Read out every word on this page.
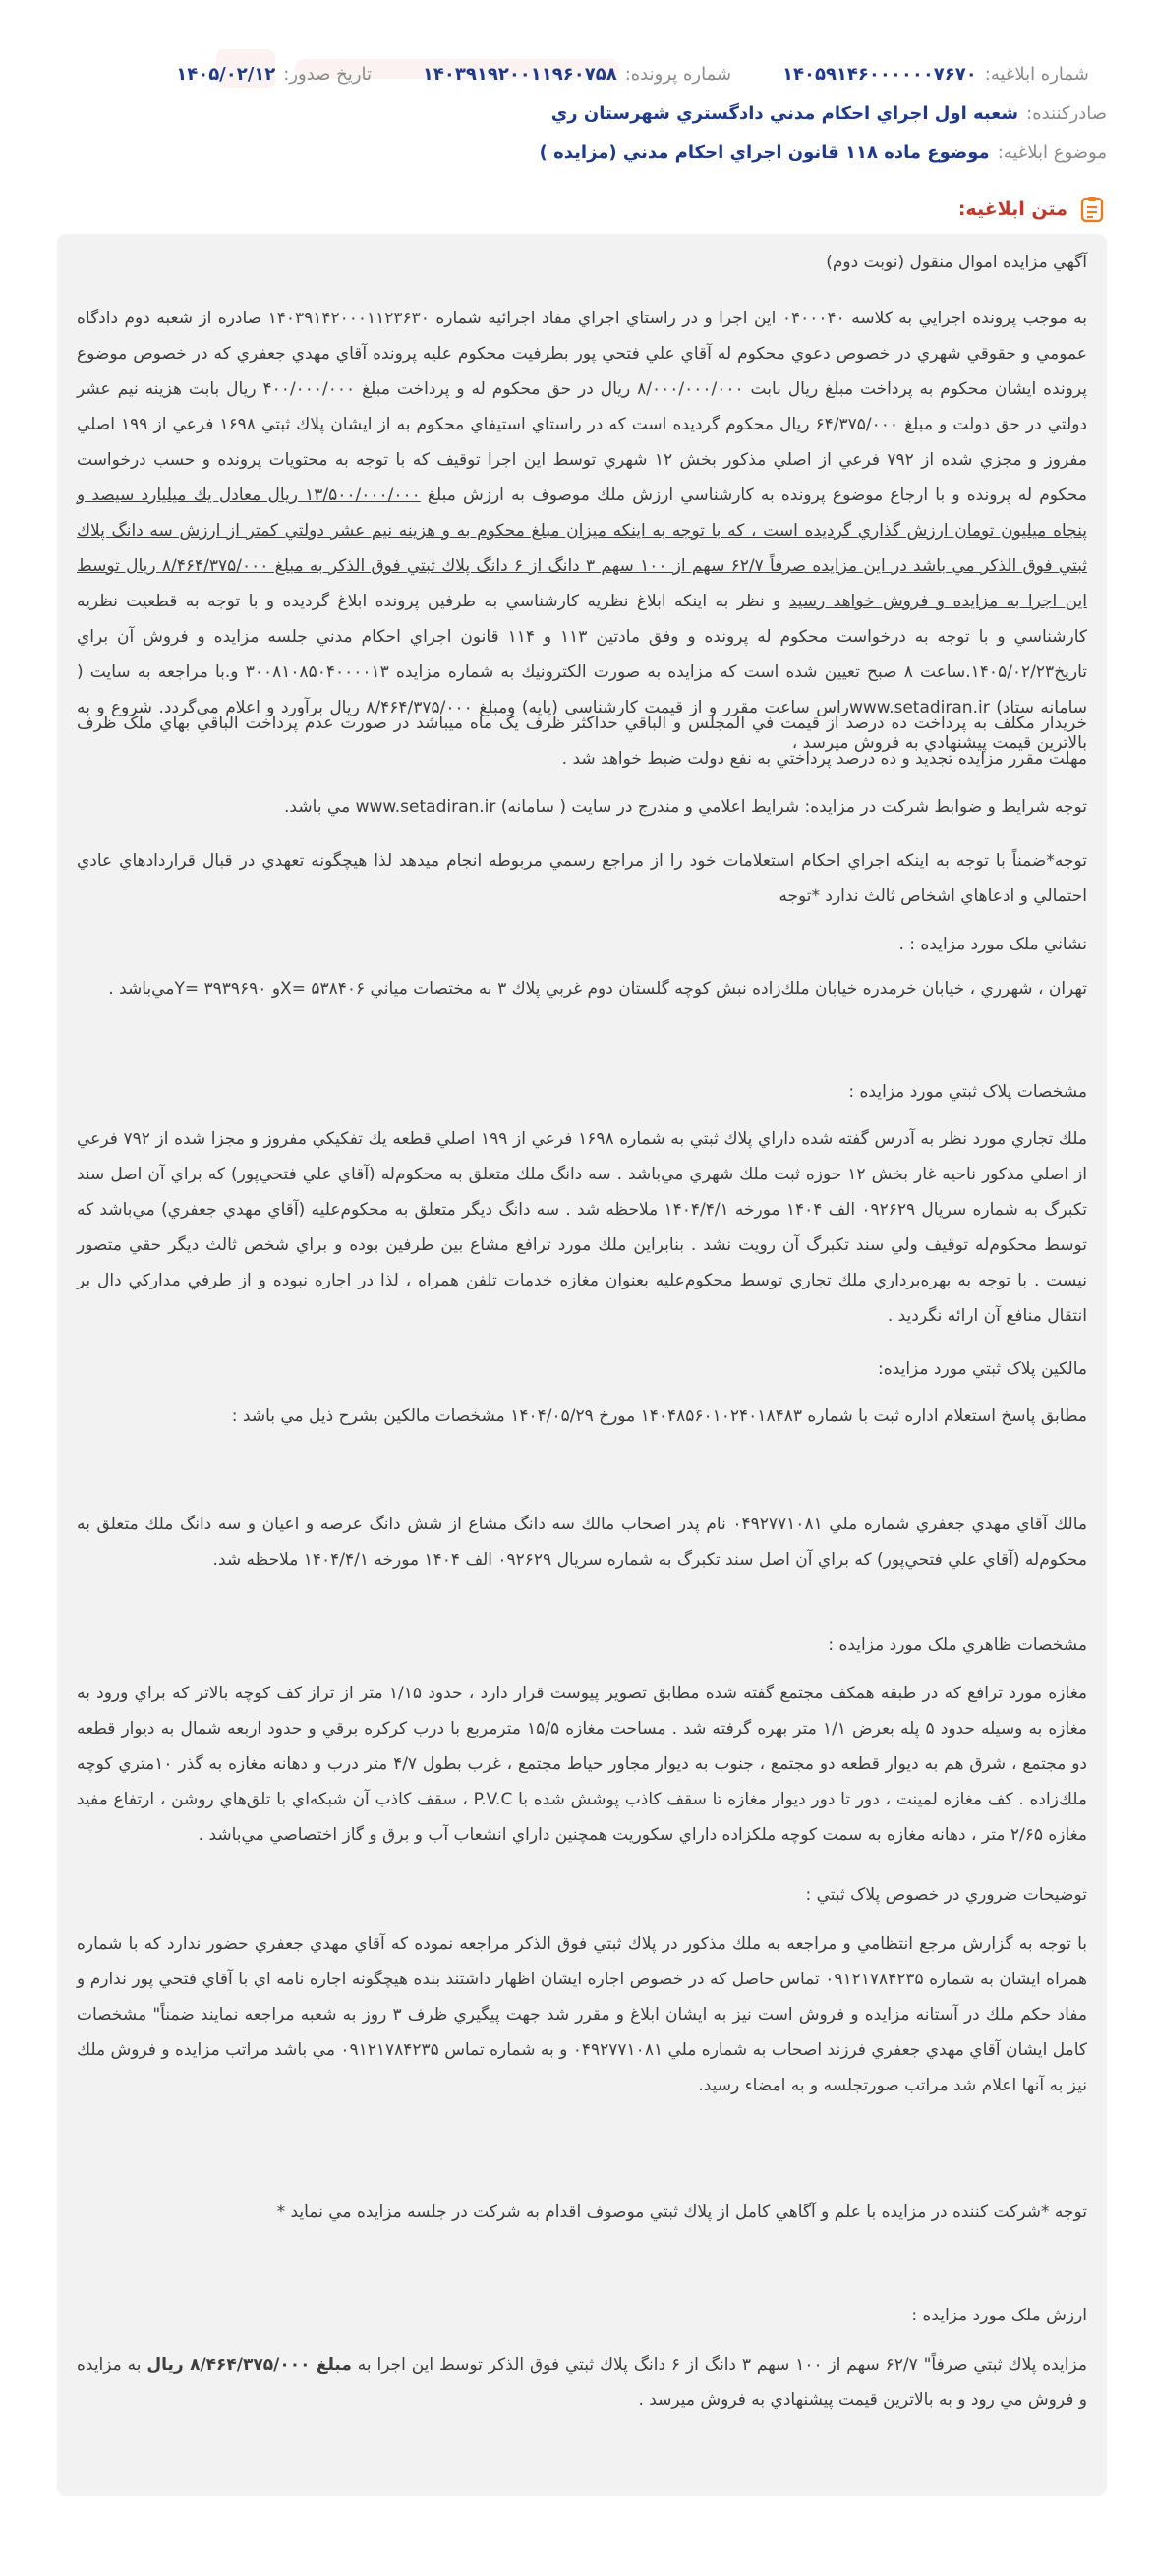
شماره ابلاغيه:
۱۴۰۵۹۱۴۶۰۰۰۰۰۰۷۶۷۰
شماره پرونده:
۱۴۰۳۹۱۹۲۰۰۱۱۹۶۰۷۵۸
تاريخ صدور:
۱۴۰۵/۰۲/۱۲
صادركننده:
شعبه اول اجراي احكام مدني دادگستري شهرستان ري
موضوع ابلاغيه:
موضوع ماده ۱۱۸ قانون اجراي احكام مدني (مزايده )
متن ابلاغيه:

آگهي مزايده اموال منقول (نوبت دوم)

به موجب پرونده اجرايي به كلاسه ۰۴۰۰۰۴۰ اين اجرا و در راستاي اجراي مفاد اجرائيه شماره ۱۴۰۳۹۱۴۲۰۰۰۱۱۲۳۶۳۰ صادره از شعبه دوم دادگاه عمومي و حقوقي شهري در خصوص دعوي محكوم له آقاي علي فتحي پور بطرفيت محكوم عليه پرونده آقاي مهدي جعفري كه در خصوص موضوع پرونده ايشان محكوم به پرداخت مبلغ ريال بابت ۸/۰۰۰/۰۰۰/۰۰۰ ريال در حق محكوم له و پرداخت مبلغ ۴۰۰/۰۰۰/۰۰۰ ريال بابت هزينه نيم عشر دولتي در حق دولت و مبلغ ۶۴/۳۷۵/۰۰۰ ريال محكوم گرديده است كه در راستاي استيفاي محكوم به از ايشان پلاك ثبتي ۱۶۹۸ فرعي از ۱۹۹ اصلي مفروز و مجزي شده از ۷۹۲ فرعي از اصلي مذكور بخش ۱۲ شهري توسط اين اجرا توقيف كه با توجه به محتويات پرونده و حسب درخواست محكوم له پرونده و با ارجاع موضوع پرونده به كارشناسي ارزش ملك موصوف به ارزش مبلغ ۱۳/۵۰۰/۰۰۰/۰۰۰ ريال معادل يك ميليارد سيصد و پنجاه ميليون تومان ارزش گذاري گرديده است ، كه با توجه به اينكه ميزان مبلغ محكوم به و هزينه نيم عشر دولتي كمتر از ارزش سه دانگ پلاك ثبتي فوق الذكر مي باشد در اين مزايده صرفاً ۶۲/۷ سهم از ۱۰۰ سهم ۳ دانگ از ۶ دانگ پلاك ثبتي فوق الذكر به مبلغ ۸/۴۶۴/۳۷۵/۰۰۰ ريال توسط اين اجرا به مزايده و فروش خواهد رسيد و نظر به اينكه ابلاغ نظريه كارشناسي به طرفين پرونده ابلاغ گرديده و با توجه به قطعيت نظريه كارشناسي و با توجه به درخواست محكوم له پرونده و وفق مادتين ۱۱۳ و ۱۱۴ قانون اجراي احكام مدني جلسه مزايده و فروش آن براي تاريخ۱۴۰۵/۰۲/۲۳.ساعت ۸ صبح تعيين شده است كه مزايده به صورت الكترونيك به شماره مزايده ۳۰۰۸۱۰۸۵۰۴۰۰۰۰۱۳ و.با مراجعه به سايت ( سامانه ستاد) www.setadiran.irراس ساعت مقرر و از قيمت كارشناسي (پايه) ومبلغ ۸/۴۶۴/۳۷۵/۰۰۰ ريال برآورد و اعلام مي‌گردد. شروع و به بالاترين قيمت پيشنهادي به فروش ميرسد ،

خريدار مكلف به پرداخت ده درصد از قيمت في المجلس و الباقي حداكثر ظرف يک ماه ميباشد در صورت عدم پرداخت الباقي بهاي ملک ظرف مهلت مقرر مزايده تجديد و ده درصد پرداختي به نفع دولت ضبط خواهد شد .

توجه شرايط و ضوابط شركت در مزايده: شرايط اعلامي و مندرج در سايت ( سامانه) www.setadiran.ir مي باشد.

توجه*ضمناً با توجه به اينكه اجراي احكام استعلامات خود را از مراجع رسمي مربوطه انجام ميدهد لذا هيچگونه تعهدي در قبال قراردادهاي عادي احتمالي و ادعاهاي اشخاص ثالث ندارد *توجه

نشاني ملک مورد مزايده : .

تهران ، شهرري ، خيابان خرمدره خيابان ملك‌زاده نبش كوچه گلستان دوم غربي پلاك ۳ به مختصات مياني ۵۳۸۴۰۶ =Xو ۳۹۳۹۶۹۰ =Yمي‌باشد .

مشخصات پلاک ثبتي مورد مزايده :

ملك تجاري مورد نظر به آدرس گفته شده داراي پلاك ثبتي به شماره ۱۶۹۸ فرعي از ۱۹۹ اصلي قطعه يك تفكيكي مفروز و مجزا شده از ۷۹۲ فرعي از اصلي مذكور ناحيه غار بخش ۱۲ حوزه ثبت ملك شهري مي‌باشد . سه دانگ ملك متعلق به محكوم‌له (آقاي علي فتحي‌پور) كه براي آن اصل سند تكبرگ به شماره سريال ۰۹۲۶۲۹ الف ۱۴۰۴ مورخه ۱۴۰۴/۴/۱ ملاحظه شد . سه دانگ ديگر متعلق به محكوم‌عليه (آقاي مهدي جعفري) مي‌باشد كه توسط محكوم‌له توقيف ولي سند تكبرگ آن رويت نشد . بنابراين ملك مورد ترافع مشاع بين طرفين بوده و براي شخص ثالث ديگر حقي متصور نيست . با توجه به بهره‌برداري ملك تجاري توسط محكوم‌عليه بعنوان مغازه خدمات تلفن همراه ، لذا در اجاره نبوده و از طرفي مداركي دال بر انتقال منافع آن ارائه نگرديد .

مالكين پلاک ثبتي مورد مزايده:

مطابق پاسخ استعلام اداره ثبت با شماره ۱۴۰۴۸۵۶۰۱۰۲۴۰۱۸۴۸۳ مورخ ۱۴۰۴/۰۵/۲۹ مشخصات مالكين بشرح ذيل مي باشد :

مالك آقاي مهدي جعفري شماره ملي ۰۴۹۲۷۷۱۰۸۱ نام پدر اصحاب مالك سه دانگ مشاع از شش دانگ عرصه و اعيان و سه دانگ ملك متعلق به محكوم‌له (آقاي علي فتحي‌پور) كه براي آن اصل سند تكبرگ به شماره سريال ۰۹۲۶۲۹ الف ۱۴۰۴ مورخه ۱۴۰۴/۴/۱ ملاحظه شد.

مشخصات ظاهري ملک مورد مزايده :

مغازه مورد ترافع كه در طبقه همكف مجتمع گفته شده مطابق تصوير پيوست قرار دارد ، حدود ۱/۱۵ متر از تراز كف كوچه بالاتر كه براي ورود به مغازه به وسيله حدود ۵ پله بعرض ۱/۱ متر بهره گرفته شد . مساحت مغازه ۱۵/۵ مترمربع با درب كركره برقي و حدود اربعه شمال به ديوار قطعه دو مجتمع ، شرق هم به ديوار قطعه دو مجتمع ، جنوب به ديوار مجاور حياط مجتمع ، غرب بطول ۴/۷ متر درب و دهانه مغازه به گذر ۱۰متري كوچه ملك‌زاده . كف مغازه لمينت ، دور تا دور ديوار مغازه تا سقف كاذب پوشش شده با P.V.C ، سقف كاذب آن شبكه‌اي با تلق‌هاي روشن ، ارتفاع مفيد مغازه ۲/۶۵ متر ، دهانه مغازه به سمت كوچه ملكزاده داراي سكوريت همچنين داراي انشعاب آب و برق و گاز اختصاصي مي‌باشد .

توضيحات ضروري در خصوص پلاک ثبتي :

با توجه به گزارش مرجع انتظامي و مراجعه به ملك مذكور در پلاك ثبتي فوق الذكر مراجعه نموده كه آقاي مهدي جعفري حضور ندارد كه با شماره همراه ايشان به شماره ۰۹۱۲۱۷۸۴۲۳۵ تماس حاصل كه در خصوص اجاره ايشان اظهار داشتند بنده هيچگونه اجاره نامه اي با آقاي فتحي پور ندارم و مفاد حكم ملك در آستانه مزايده و فروش است نيز به ايشان ابلاغ و مقرر شد جهت پيگيري ظرف ۳ روز به شعبه مراجعه نمايند ضمناً" مشخصات كامل ايشان آقاي مهدي جعفري فرزند اصحاب به شماره ملي ۰۴۹۲۷۷۱۰۸۱ و به شماره تماس ۰۹۱۲۱۷۸۴۲۳۵ مي باشد مراتب مزايده و فروش ملك نيز به آنها اعلام شد مراتب صورتجلسه و به امضاء رسيد.

توجه *شركت كننده در مزايده با علم و آگاهي كامل از پلاك ثبتي موصوف اقدام به شركت در جلسه مزايده مي نمايد *

ارزش ملک مورد مزايده :

مزايده پلاك ثبتي صرفاً" ۶۲/۷ سهم از ۱۰۰ سهم ۳ دانگ از ۶ دانگ پلاك ثبتي فوق الذكر توسط اين اجرا به مبلغ ۸/۴۶۴/۳۷۵/۰۰۰ ريال به مزايده و فروش مي رود و به بالاترين قيمت پيشنهادي به فروش ميرسد .
